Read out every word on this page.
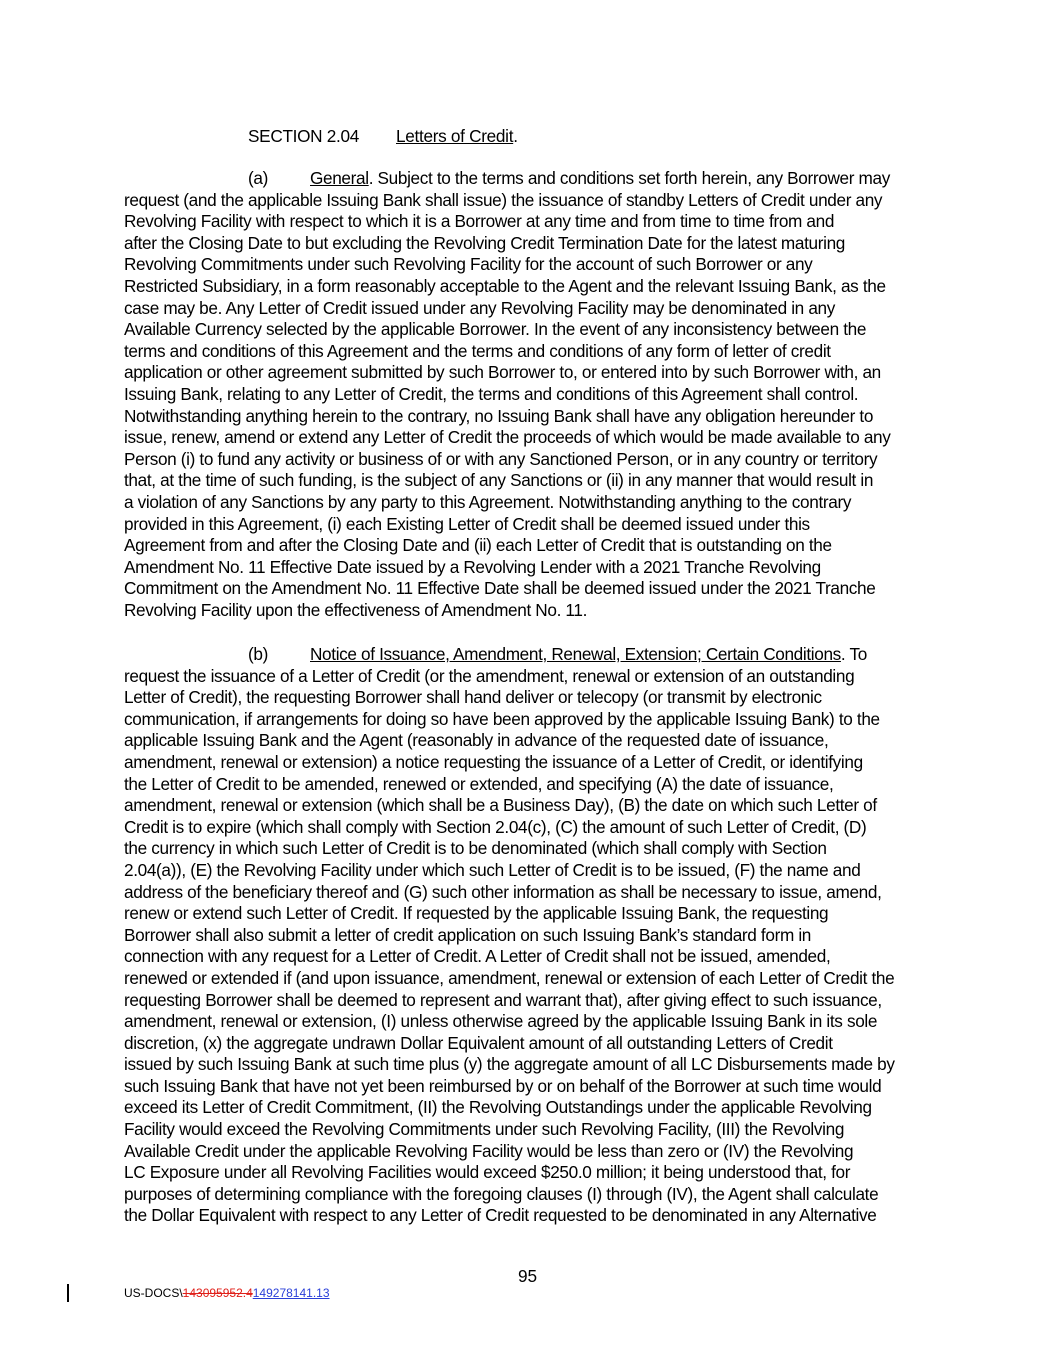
SECTION 2.04 Letters of Credit.
(a) General. Subject to the terms and conditions set forth herein, any Borrower may
request (and the applicable Issuing Bank shall issue) the issuance of standby Letters of Credit under any
Revolving Facility with respect to which it is a Borrower at any time and from time to time from and
after the Closing Date to but excluding the Revolving Credit Termination Date for the latest maturing
Revolving Commitments under such Revolving Facility for the account of such Borrower or any
Restricted Subsidiary, in a form reasonably acceptable to the Agent and the relevant Issuing Bank, as the
case may be. Any Letter of Credit issued under any Revolving Facility may be denominated in any
Available Currency selected by the applicable Borrower. In the event of any inconsistency between the
terms and conditions of this Agreement and the terms and conditions of any form of letter of credit
application or other agreement submitted by such Borrower to, or entered into by such Borrower with, an
Issuing Bank, relating to any Letter of Credit, the terms and conditions of this Agreement shall control.
Notwithstanding anything herein to the contrary, no Issuing Bank shall have any obligation hereunder to
issue, renew, amend or extend any Letter of Credit the proceeds of which would be made available to any
Person (i) to fund any activity or business of or with any Sanctioned Person, or in any country or territory
that, at the time of such funding, is the subject of any Sanctions or (ii) in any manner that would result in
a violation of any Sanctions by any party to this Agreement. Notwithstanding anything to the contrary
provided in this Agreement, (i) each Existing Letter of Credit shall be deemed issued under this
Agreement from and after the Closing Date and (ii) each Letter of Credit that is outstanding on the
Amendment No. 11 Effective Date issued by a Revolving Lender with a 2021 Tranche Revolving
Commitment on the Amendment No. 11 Effective Date shall be deemed issued under the 2021 Tranche
Revolving Facility upon the effectiveness of Amendment No. 11.
(b) Notice of Issuance, Amendment, Renewal, Extension; Certain Conditions. To
request the issuance of a Letter of Credit (or the amendment, renewal or extension of an outstanding
Letter of Credit), the requesting Borrower shall hand deliver or telecopy (or transmit by electronic
communication, if arrangements for doing so have been approved by the applicable Issuing Bank) to the
applicable Issuing Bank and the Agent (reasonably in advance of the requested date of issuance,
amendment, renewal or extension) a notice requesting the issuance of a Letter of Credit, or identifying
the Letter of Credit to be amended, renewed or extended, and specifying (A) the date of issuance,
amendment, renewal or extension (which shall be a Business Day), (B) the date on which such Letter of
Credit is to expire (which shall comply with Section 2.04(c), (C) the amount of such Letter of Credit, (D)
the currency in which such Letter of Credit is to be denominated (which shall comply with Section
2.04(a)), (E) the Revolving Facility under which such Letter of Credit is to be issued, (F) the name and
address of the beneficiary thereof and (G) such other information as shall be necessary to issue, amend,
renew or extend such Letter of Credit. If requested by the applicable Issuing Bank, the requesting
Borrower shall also submit a letter of credit application on such Issuing Bank’s standard form in
connection with any request for a Letter of Credit. A Letter of Credit shall not be issued, amended,
renewed or extended if (and upon issuance, amendment, renewal or extension of each Letter of Credit the
requesting Borrower shall be deemed to represent and warrant that), after giving effect to such issuance,
amendment, renewal or extension, (I) unless otherwise agreed by the applicable Issuing Bank in its sole
discretion, (x) the aggregate undrawn Dollar Equivalent amount of all outstanding Letters of Credit
issued by such Issuing Bank at such time plus (y) the aggregate amount of all LC Disbursements made by
such Issuing Bank that have not yet been reimbursed by or on behalf of the Borrower at such time would
exceed its Letter of Credit Commitment, (II) the Revolving Outstandings under the applicable Revolving
Facility would exceed the Revolving Commitments under such Revolving Facility, (III) the Revolving
Available Credit under the applicable Revolving Facility would be less than zero or (IV) the Revolving
LC Exposure under all Revolving Facilities would exceed $250.0 million; it being understood that, for
purposes of determining compliance with the foregoing clauses (I) through (IV), the Agent shall calculate
the Dollar Equivalent with respect to any Letter of Credit requested to be denominated in any Alternative
95
US-DOCS\143095952.4149278141.13
